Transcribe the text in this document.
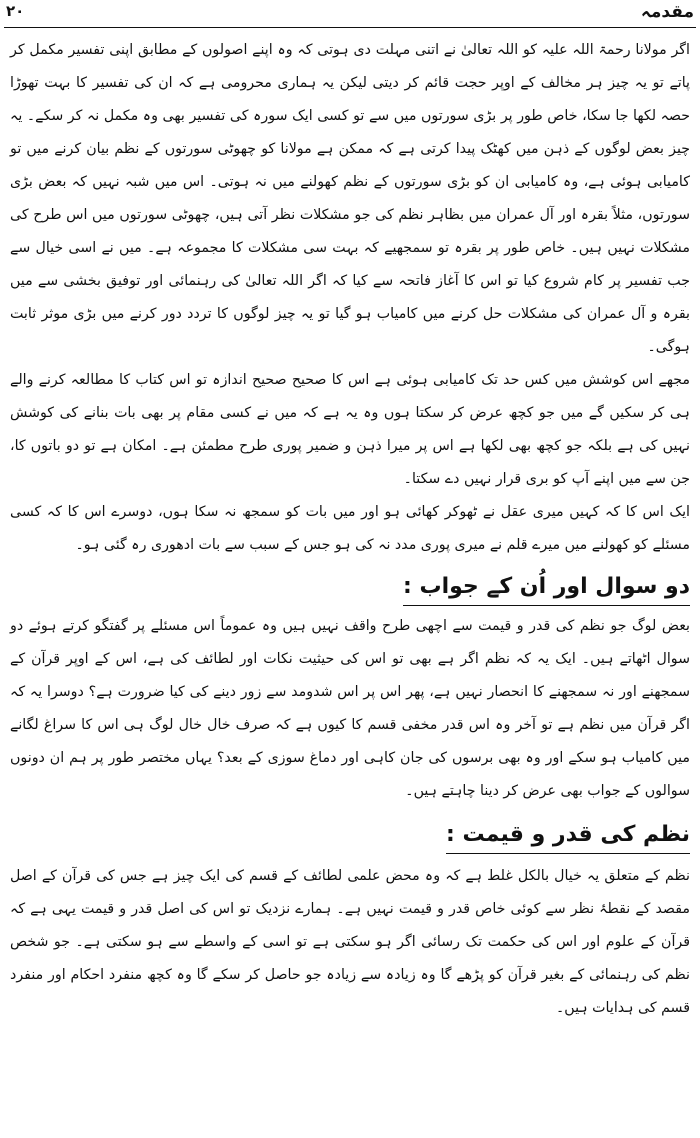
۲۰	مقدمہ

اگر مولانا رحمۃ اللہ علیہ کو اللہ تعالیٰ نے اتنی مہلت دی ہوتی کہ وہ اپنے اصولوں کے مطابق اپنی تفسیر مکمل کر پاتے تو یہ چیز ہر مخالف کے اوپر حجت قائم کر دیتی لیکن یہ ہماری محرومی ہے کہ ان کی تفسیر کا بہت تھوڑا حصہ لکھا جا سکا، خاص طور پر بڑی سورتوں میں سے تو کسی ایک سورہ کی تفسیر بھی وہ مکمل نہ کر سکے۔ یہ چیز بعض لوگوں کے ذہن میں کھٹک پیدا کرتی ہے کہ ممکن ہے مولانا کو چھوٹی سورتوں کے نظم بیان کرنے میں تو کامیابی ہوئی ہے، وہ کامیابی ان کو بڑی سورتوں کے نظم کھولنے میں نہ ہوتی۔ اس میں شبہ نہیں کہ بعض بڑی سورتوں، مثلاً بقرہ اور آل عمران میں بظاہر نظم کی جو مشکلات نظر آتی ہیں، چھوٹی سورتوں میں اس طرح کی مشکلات نہیں ہیں۔ خاص طور پر بقرہ تو سمجھیے کہ بہت سی مشکلات کا مجموعہ ہے۔ میں نے اسی خیال سے جب تفسیر پر کام شروع کیا تو اس کا آغاز فاتحہ سے کیا کہ اگر اللہ تعالیٰ کی رہنمائی اور توفیق بخشی سے میں بقرہ و آل عمران کی مشکلات حل کرنے میں کامیاب ہو گیا تو یہ چیز لوگوں کا تردد دور کرنے میں بڑی موثر ثابت ہوگی۔

مجھے اس کوشش میں کس حد تک کامیابی ہوئی ہے اس کا صحیح صحیح اندازہ تو اس کتاب کا مطالعہ کرنے والے ہی کر سکیں گے میں جو کچھ عرض کر سکتا ہوں وہ یہ ہے کہ میں نے کسی مقام پر بھی بات بنانے کی کوشش نہیں کی ہے بلکہ جو کچھ بھی لکھا ہے اس پر میرا ذہن و ضمیر پوری طرح مطمئن ہے۔ امکان ہے تو دو باتوں کا، جن سے میں اپنے آپ کو بری قرار نہیں دے سکتا۔

ایک اس کا کہ کہیں میری عقل نے ٹھوکر کھائی ہو اور میں بات کو سمجھ نہ سکا ہوں، دوسرے اس کا کہ کسی مسئلے کو کھولنے میں میرے قلم نے میری پوری مدد نہ کی ہو جس کے سبب سے بات ادھوری رہ گئی ہو۔

دو سوال اور اُن کے جواب :

بعض لوگ جو نظم کی قدر و قیمت سے اچھی طرح واقف نہیں ہیں وہ عموماً اس مسئلے پر گفتگو کرتے ہوئے دو سوال اٹھاتے ہیں۔ ایک یہ کہ نظم اگر ہے بھی تو اس کی حیثیت نکات اور لطائف کی ہے، اس کے اوپر قرآن کے سمجھنے اور نہ سمجھنے کا انحصار نہیں ہے، پھر اس پر اس شدومد سے زور دینے کی کیا ضرورت ہے؟ دوسرا یہ کہ اگر قرآن میں نظم ہے تو آخر وہ اس قدر مخفی قسم کا کیوں ہے کہ صرف خال خال لوگ ہی اس کا سراغ لگانے میں کامیاب ہو سکے اور وہ بھی برسوں کی جان کاہی اور دماغ سوزی کے بعد؟ یہاں مختصر طور پر ہم ان دونوں سوالوں کے جواب بھی عرض کر دینا چاہتے ہیں۔

نظم کی قدر و قیمت :

نظم کے متعلق یہ خیال بالکل غلط ہے کہ وہ محض علمی لطائف کے قسم کی ایک چیز ہے جس کی قرآن کے اصل مقصد کے نقطۂ نظر سے کوئی خاص قدر و قیمت نہیں ہے۔ ہمارے نزدیک تو اس کی اصل قدر و قیمت یہی ہے کہ قرآن کے علوم اور اس کی حکمت تک رسائی اگر ہو سکتی ہے تو اسی کے واسطے سے ہو سکتی ہے۔ جو شخص نظم کی رہنمائی کے بغیر قرآن کو پڑھے گا وہ زیادہ سے زیادہ جو حاصل کر سکے گا وہ کچھ منفرد احکام اور منفرد قسم کی ہدایات ہیں۔
